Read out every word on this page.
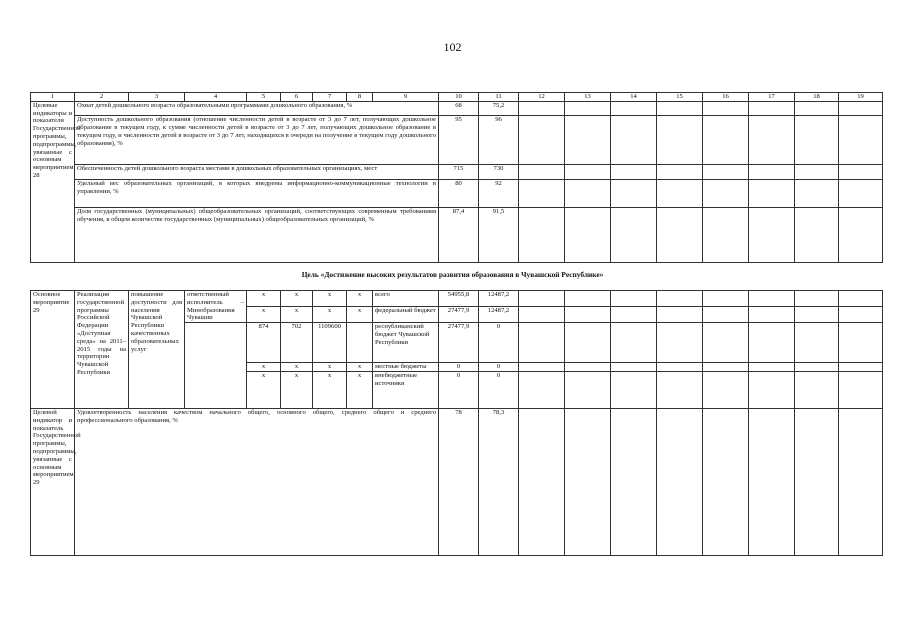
102
1	2	3	4	5	6	7	8	9	10	11	12	13	14	15	16	17	18	19
Целевые индикаторы и показатели Государственной программы, подпрограммы, увязанные с основным мероприятием 28	Охват детей дошкольного возраста образовательными программами дошкольного образования, %								68	75,2								
	Доступность дошкольного образования (отношение численности детей в возрасте от 3 до 7 лет, получающих дошкольное образование в текущем году, к сумме численности детей в возрасте от 3 до 7 лет, получающих дошкольное образование в текущем году, и численности детей в возрасте от 3 до 7 лет, находящихся в очереди на получение в текущем году дошкольного образования), %								95	96								
	Обеспеченность детей дошкольного возраста местами в дошкольных образовательных организациях, мест								715	730								
	Удельный вес образовательных организаций, в которых внедрены информационно-коммуникационные технологии в управлении, %								80	92								
	Доля государственных (муниципальных) общеобразовательных организаций, соответствующих современным требованиям обучения, в общем количестве государственных (муниципальных) общеобразовательных организаций, %								87,4	91,5								
Цель «Достижение высоких результатов развития образования в Чувашской Республике»
Основное мероприятие 29	Реализация государственной программы Российской Федерации «Доступная среда» на 2011–2015 годы на территории Чувашской Республики	повышение доступности для населения Чувашской Республики качественных образовательных услуг	ответственный исполнитель – Минобразования Чувашии	x	x	x	x	всего	54955,8	12487,2								
				x	x	x	x	федеральный бюджет	27477,9	12487,2								
				874	702	1109600		республиканский бюджет Чувашской Республики	27477,9	0								
				x	x	x	x	местные бюджеты	0	0								
				x	x	x	x	внебюджетные источники	0	0								
Целевой индикатор и показатель Государственной программы, подпрограммы, увязанные с основным мероприятием 29	Удовлетворенность населения качеством начального общего, основного общего, среднего общего и среднего профессионального образования, %								78	78,3								
